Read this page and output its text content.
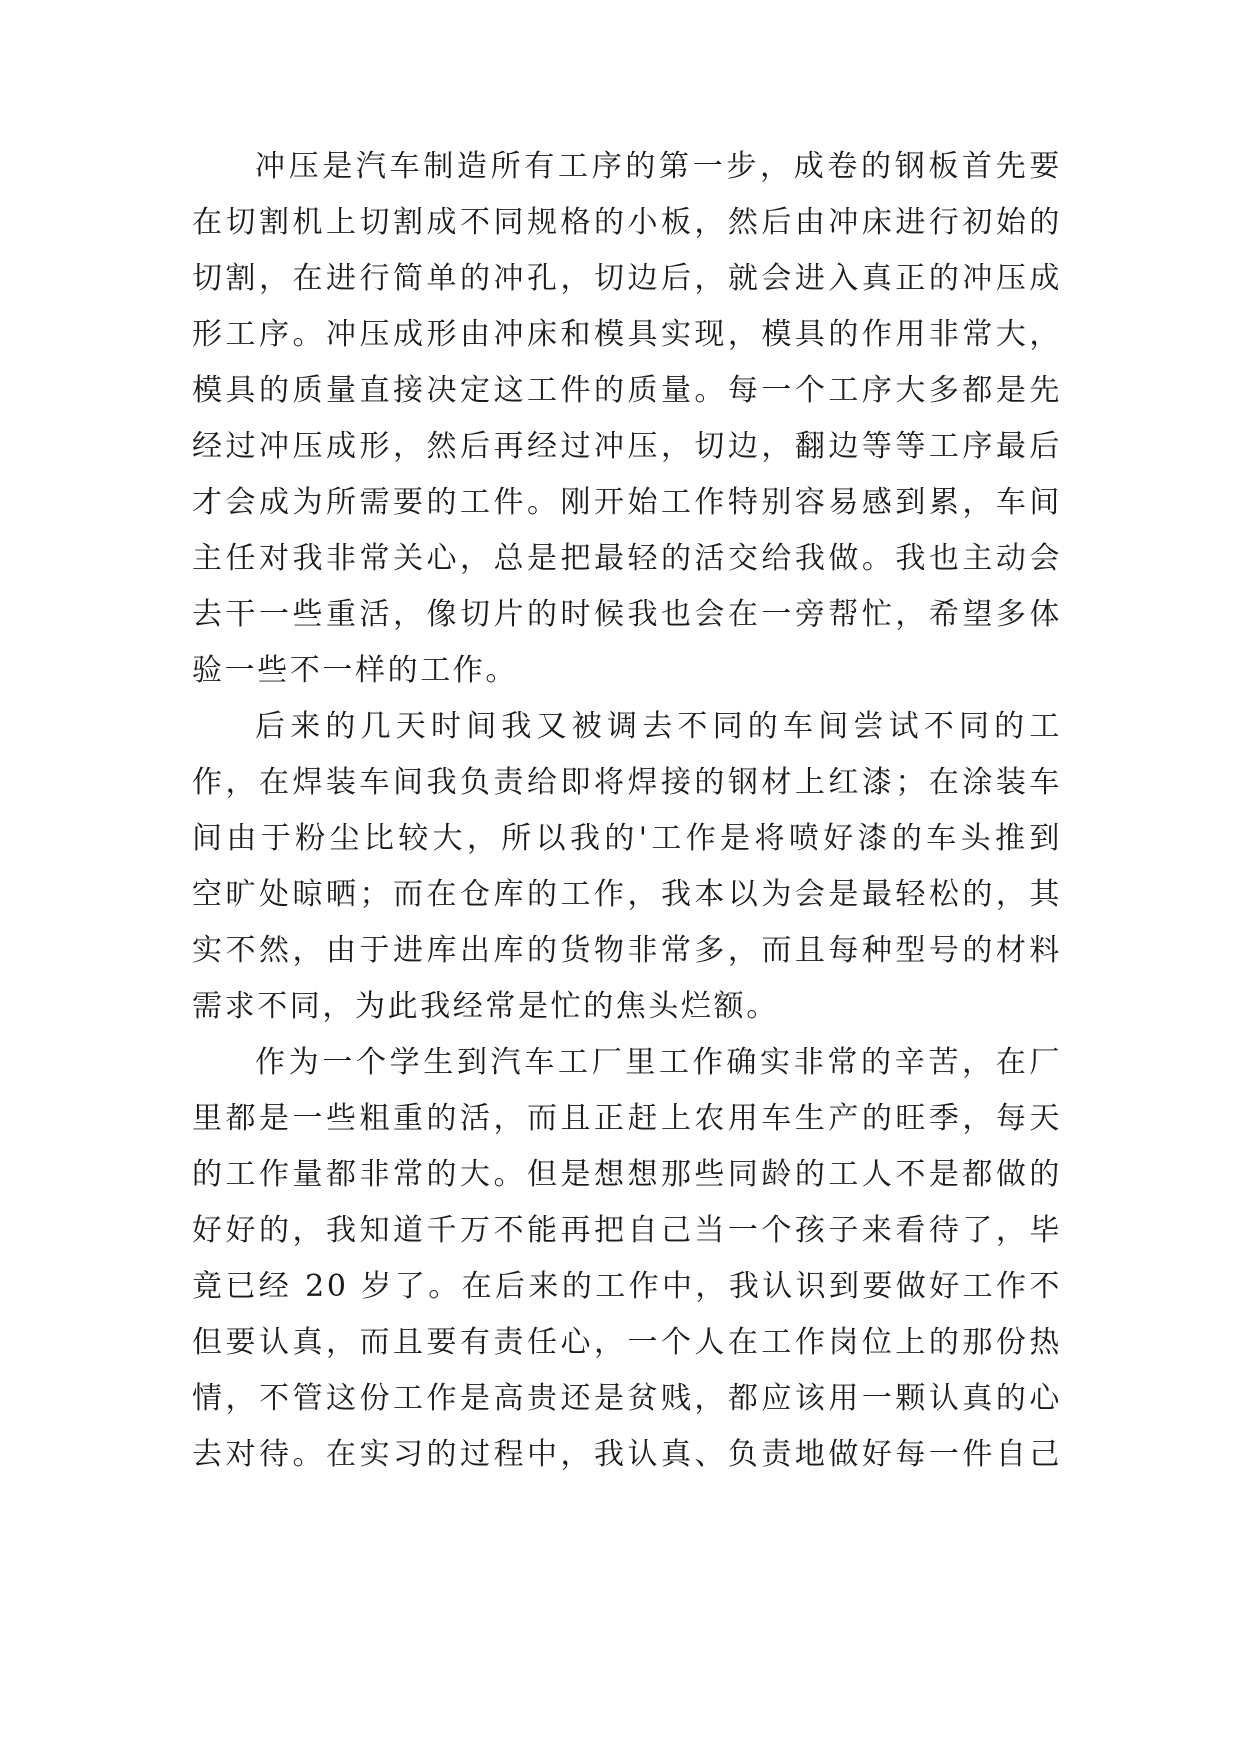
冲压是汽车制造所有工序的第一步，成卷的钢板首先要
在切割机上切割成不同规格的小板，然后由冲床进行初始的
切割，在进行简单的冲孔，切边后，就会进入真正的冲压成
形工序。冲压成形由冲床和模具实现，模具的作用非常大，
模具的质量直接决定这工件的质量。每一个工序大多都是先
经过冲压成形，然后再经过冲压，切边，翻边等等工序最后
才会成为所需要的工件。刚开始工作特别容易感到累，车间
主任对我非常关心，总是把最轻的活交给我做。我也主动会
去干一些重活，像切片的时候我也会在一旁帮忙，希望多体
验一些不一样的工作。
后来的几天时间我又被调去不同的车间尝试不同的工
作，在焊装车间我负责给即将焊接的钢材上红漆；在涂装车
间由于粉尘比较大，所以我的'工作是将喷好漆的车头推到
空旷处晾晒；而在仓库的工作，我本以为会是最轻松的，其
实不然，由于进库出库的货物非常多，而且每种型号的材料
需求不同，为此我经常是忙的焦头烂额。
作为一个学生到汽车工厂里工作确实非常的辛苦，在厂
里都是一些粗重的活，而且正赶上农用车生产的旺季，每天
的工作量都非常的大。但是想想那些同龄的工人不是都做的
好好的，我知道千万不能再把自己当一个孩子来看待了，毕
竟已经 20 岁了。在后来的工作中，我认识到要做好工作不
但要认真，而且要有责任心，一个人在工作岗位上的那份热
情，不管这份工作是高贵还是贫贱，都应该用一颗认真的心
去对待。在实习的过程中，我认真、负责地做好每一件自己
